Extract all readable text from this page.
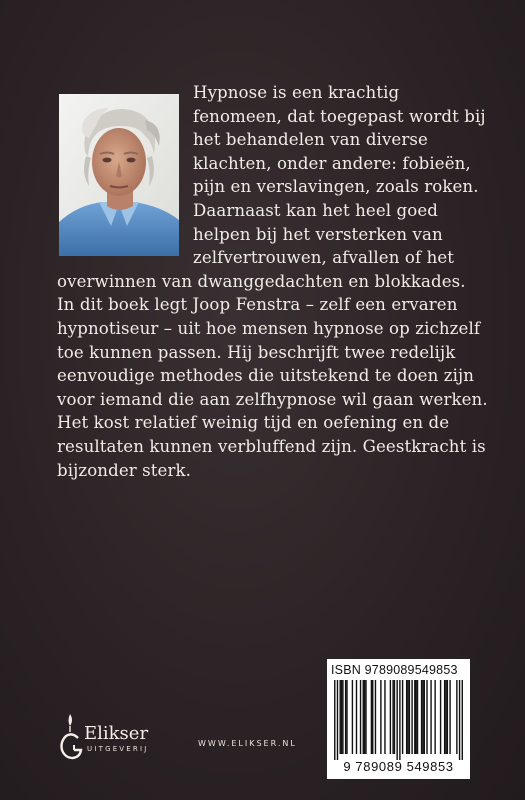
Hypnose is een krachtig
fenomeen, dat toegepast wordt bij
het behandelen van diverse
klachten, onder andere: fobieën,
pijn en verslavingen, zoals roken.
Daarnaast kan het heel goed
helpen bij het versterken van
zelfvertrouwen, afvallen of het
overwinnen van dwanggedachten en blokkades.
In dit boek legt Joop Fenstra – zelf een ervaren
hypnotiseur – uit hoe mensen hypnose op zichzelf
toe kunnen passen. Hij beschrijft twee redelijk
eenvoudige methodes die uitstekend te doen zijn
voor iemand die aan zelfhypnose wil gaan werken.
Het kost relatief weinig tijd en oefening en de
resultaten kunnen verbluffend zijn. Geestkracht is
bijzonder sterk.
ISBN 9789089549853
9 789089 549853
Elikser
UITGEVERIJ
WWW.ELIKSER.NL
